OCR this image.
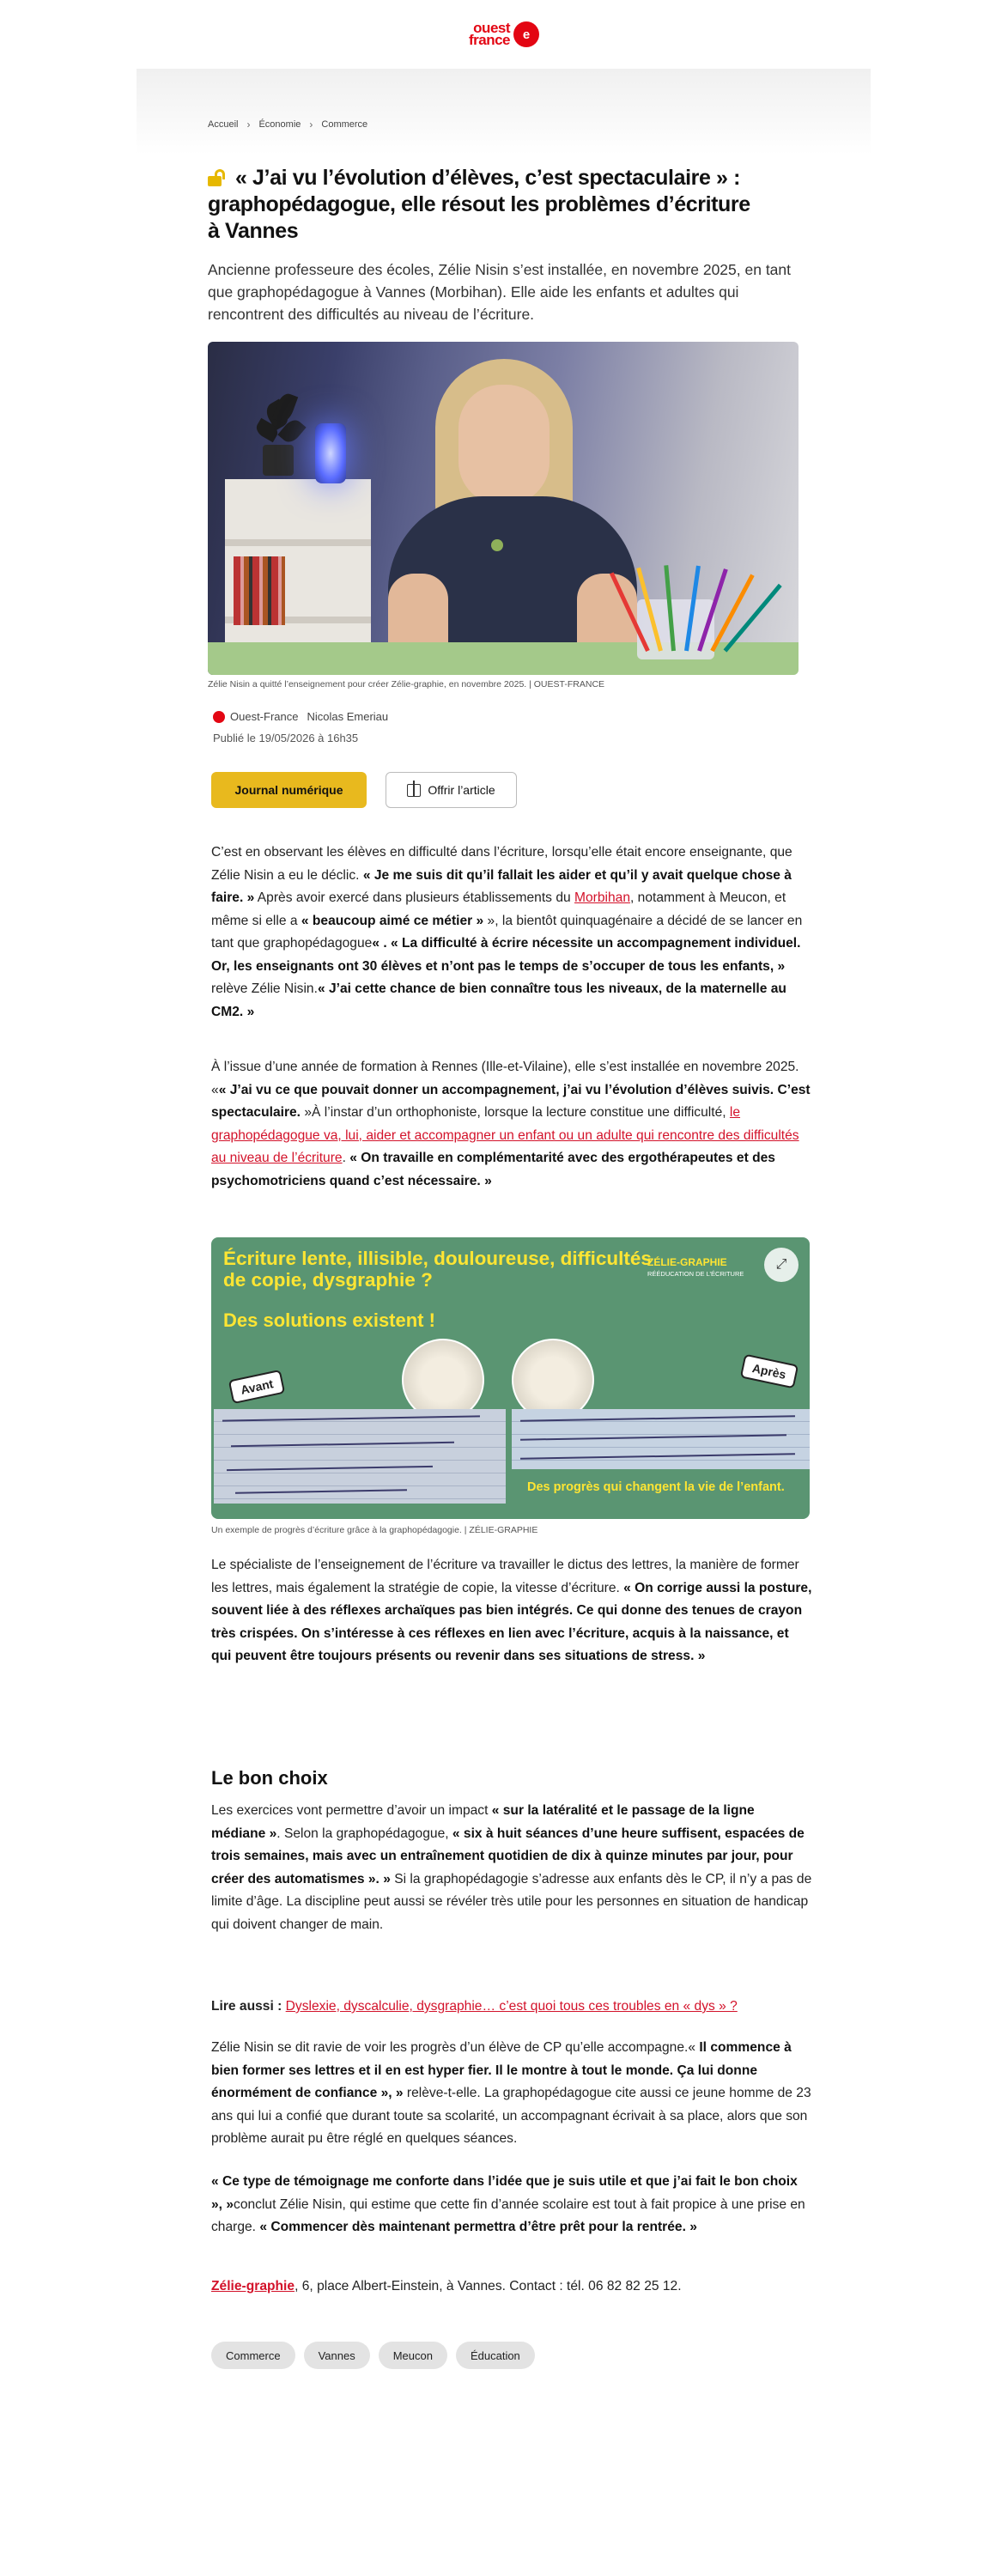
ouest
france e
Accueil › Économie › Commerce
« J’ai vu l’évolution d’élèves, c’est spectaculaire » : graphopédagogue, elle résout les problèmes d’écriture à Vannes

Ancienne professeure des écoles, Zélie Nisin s’est installée, en novembre 2025, en tant que graphopédagogue à Vannes (Morbihan). Elle aide les enfants et adultes qui rencontrent des difficultés au niveau de l’écriture.

Zélie Nisin a quitté l’enseignement pour créer Zélie-graphie, en novembre 2025. | OUEST-FRANCE
Ouest-France Nicolas Emeriau
Publié le 19/05/2026 à 16h35
Journal numérique	Offrir l’article

C’est en observant les élèves en difficulté dans l’écriture, lorsqu’elle était encore enseignante, que Zélie Nisin a eu le déclic. « Je me suis dit qu’il fallait les aider et qu’il y avait quelque chose à faire. » Après avoir exercé dans plusieurs établissements du Morbihan, notamment à Meucon, et même si elle a « beaucoup aimé ce métier » », la bientôt quinquagénaire a décidé de se lancer en tant que graphopédagogue« . « La difficulté à écrire nécessite un accompagnement individuel. Or, les enseignants ont 30 élèves et n’ont pas le temps de s’occuper de tous les enfants, » relève Zélie Nisin.« J’ai cette chance de bien connaître tous les niveaux, de la maternelle au CM2. »

À l’issue d’une année de formation à Rennes (Ille-et-Vilaine), elle s’est installée en novembre 2025. «« J’ai vu ce que pouvait donner un accompagnement, j’ai vu l’évolution d’élèves suivis. C’est spectaculaire. »À l’instar d’un orthophoniste, lorsque la lecture constitue une difficulté, le graphopédagogue va, lui, aider et accompagner un enfant ou un adulte qui rencontre des difficultés au niveau de l’écriture. « On travaille en complémentarité avec des ergothérapeutes et des psychomotriciens quand c’est nécessaire. »

Écriture lente, illisible, douloureuse, difficultés de copie, dysgraphie ?
Des solutions existent !
ZÉLIE-GRAPHIE
RÉÉDUCATION DE L’ÉCRITURE
⤢
Avant
Après
Des progrès qui changent la vie de l’enfant.
Un exemple de progrès d’écriture grâce à la graphopédagogie. | ZÉLIE-GRAPHIE

Le spécialiste de l’enseignement de l’écriture va travailler le dictus des lettres, la manière de former les lettres, mais également la stratégie de copie, la vitesse d’écriture. « On corrige aussi la posture, souvent liée à des réflexes archaïques pas bien intégrés. Ce qui donne des tenues de crayon très crispées. On s’intéresse à ces réflexes en lien avec l’écriture, acquis à la naissance, et qui peuvent être toujours présents ou revenir dans ses situations de stress. »

Le bon choix

Les exercices vont permettre d’avoir un impact « sur la latéralité et le passage de la ligne médiane ». Selon la graphopédagogue, « six à huit séances d’une heure suffisent, espacées de trois semaines, mais avec un entraînement quotidien de dix à quinze minutes par jour, pour créer des automatismes ». » Si la graphopédagogie s’adresse aux enfants dès le CP, il n’y a pas de limite d’âge. La discipline peut aussi se révéler très utile pour les personnes en situation de handicap qui doivent changer de main.

Lire aussi : Dyslexie, dyscalculie, dysgraphie… c’est quoi tous ces troubles en « dys » ?

Zélie Nisin se dit ravie de voir les progrès d’un élève de CP qu’elle accompagne.« Il commence à bien former ses lettres et il en est hyper fier. Il le montre à tout le monde. Ça lui donne énormément de confiance », » relève-t-elle. La graphopédagogue cite aussi ce jeune homme de 23 ans qui lui a confié que durant toute sa scolarité, un accompagnant écrivait à sa place, alors que son problème aurait pu être réglé en quelques séances.

« Ce type de témoignage me conforte dans l’idée que je suis utile et que j’ai fait le bon choix », »conclut Zélie Nisin, qui estime que cette fin d’année scolaire est tout à fait propice à une prise en charge. « Commencer dès maintenant permettra d’être prêt pour la rentrée. »

Zélie-graphie, 6, place Albert-Einstein, à Vannes. Contact : tél. 06 82 82 25 12.

Commerce	Vannes	Meucon	Éducation
